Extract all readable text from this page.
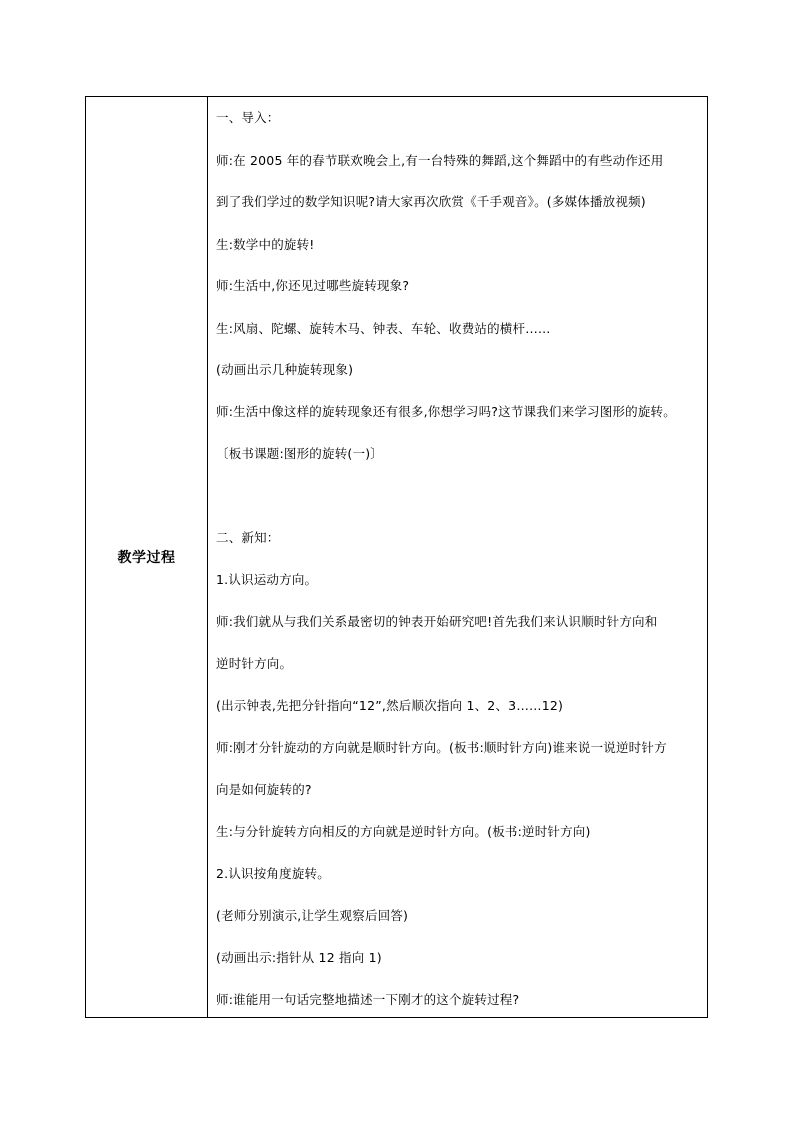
教学过程
一、导入：
师:在 2005 年的春节联欢晚会上,有一台特殊的舞蹈,这个舞蹈中的有些动作还用
到了我们学过的数学知识呢?请大家再次欣赏《千手观音》。(多媒体播放视频)
生:数学中的旋转!
师:生活中,你还见过哪些旋转现象?
生:风扇、陀螺、旋转木马、钟表、车轮、收费站的横杆……
(动画出示几种旋转现象)
师:生活中像这样的旋转现象还有很多,你想学习吗?这节课我们来学习图形的旋转。
〔板书课题:图形的旋转(一)〕
二、新知：
1.认识运动方向。
师:我们就从与我们关系最密切的钟表开始研究吧!首先我们来认识顺时针方向和
逆时针方向。
(出示钟表,先把分针指向“12”,然后顺次指向 1、2、3……12)
师:刚才分针旋动的方向就是顺时针方向。(板书:顺时针方向)谁来说一说逆时针方
向是如何旋转的?
生:与分针旋转方向相反的方向就是逆时针方向。(板书:逆时针方向)
2.认识按角度旋转。
(老师分别演示,让学生观察后回答)
(动画出示:指针从 12 指向 1)
师:谁能用一句话完整地描述一下刚才的这个旋转过程?
